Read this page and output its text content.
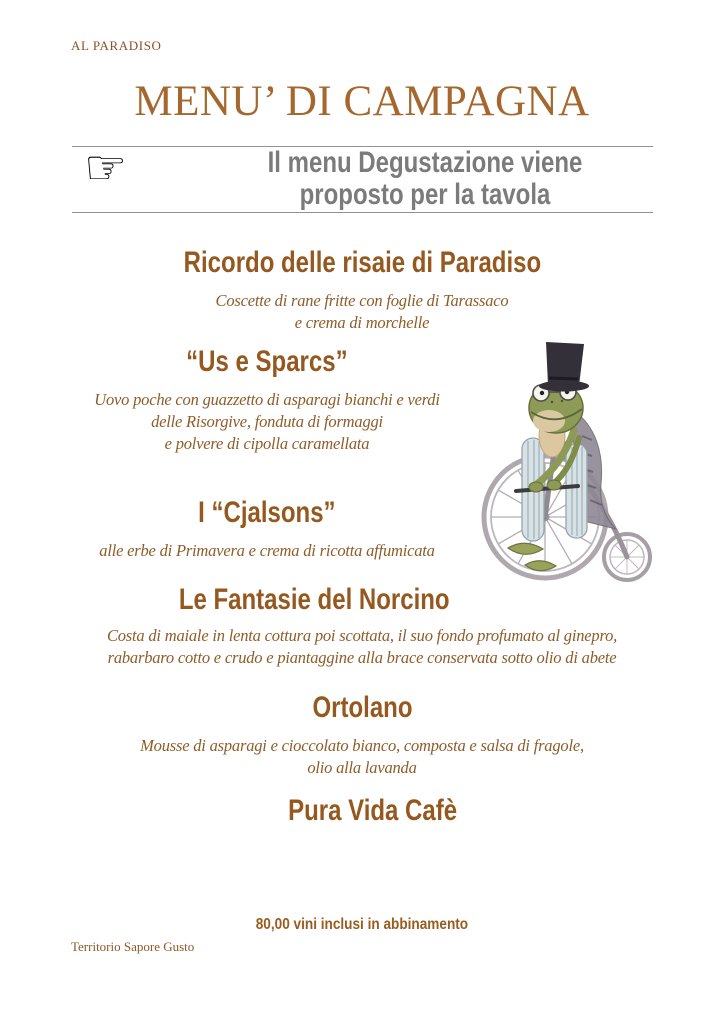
AL PARADISO
MENU’ DI CAMPAGNA
☞	Il menu Degustazione viene
proposto per la tavola
Ricordo delle risaie di Paradiso
Coscette di rane fritte con foglie di Tarassaco
e crema di morchelle
“Us e Sparcs”
Uovo poche con guazzetto di asparagi bianchi e verdi
delle Risorgive, fonduta di formaggi
e polvere di cipolla caramellata
I “Cjalsons”
alle erbe di Primavera e crema di ricotta affumicata
Le Fantasie del Norcino
Costa di maiale in lenta cottura poi scottata, il suo fondo profumato al ginepro,
rabarbaro cotto e crudo e piantaggine alla brace conservata sotto olio di abete
Ortolano
Mousse di asparagi e cioccolato bianco, composta e salsa di fragole,
olio alla lavanda
Pura Vida Cafè
80,00 vini inclusi in abbinamento
Territorio Sapore Gusto
